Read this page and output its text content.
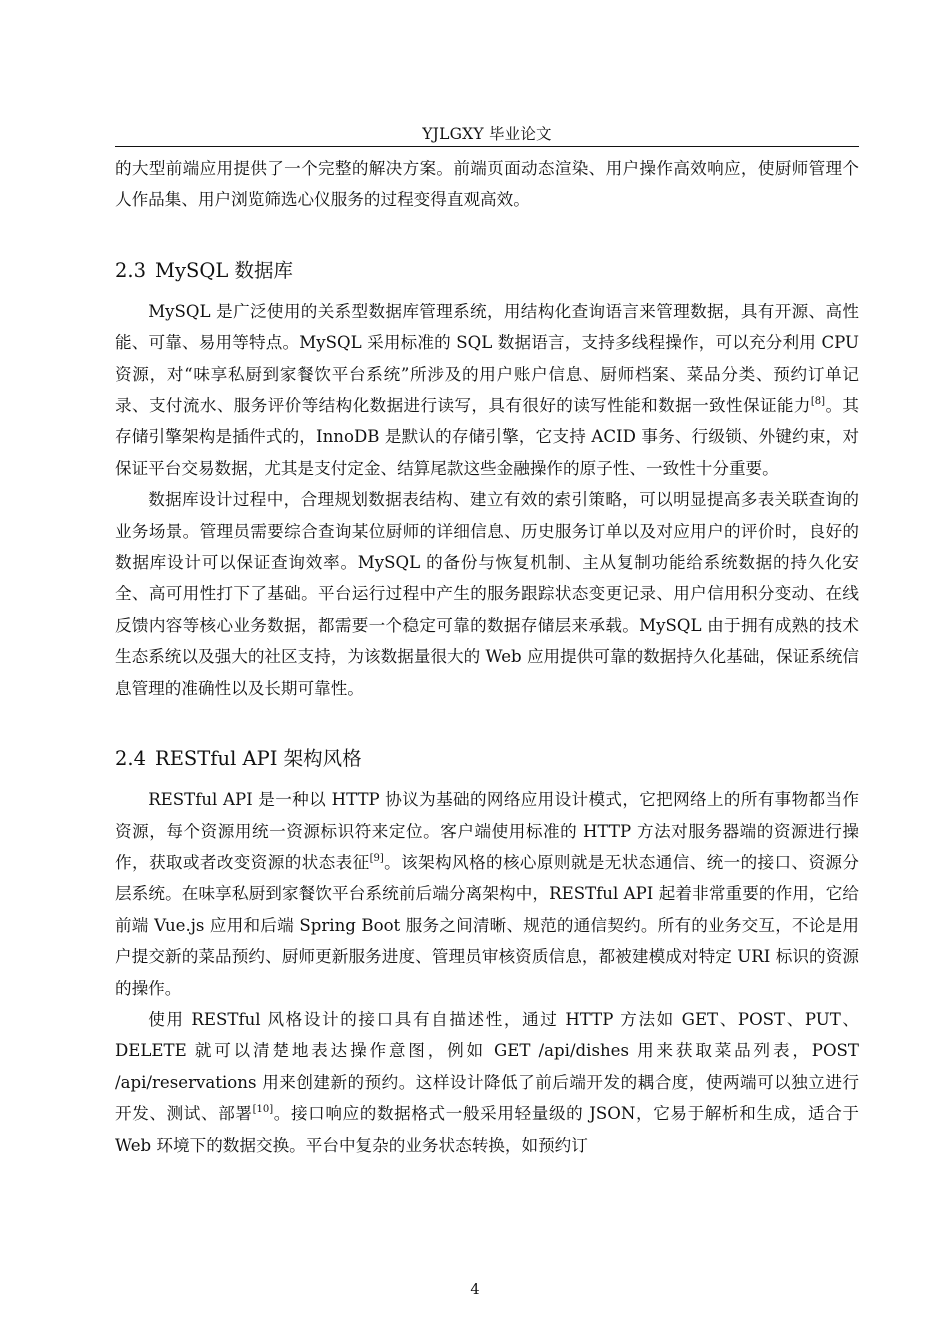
YJLGXY 毕业论文

的大型前端应用提供了一个完整的解决方案。前端页面动态渲染、用户操作高效响应，使厨师管理个人作品集、用户浏览筛选心仪服务的过程变得直观高效。

2.3 MySQL 数据库

MySQL 是广泛使用的关系型数据库管理系统，用结构化查询语言来管理数据，具有开源、高性能、可靠、易用等特点。MySQL 采用标准的 SQL 数据语言，支持多线程操作，可以充分利用 CPU 资源，对“味享私厨到家餐饮平台系统”所涉及的用户账户信息、厨师档案、菜品分类、预约订单记录、支付流水、服务评价等结构化数据进行读写，具有很好的读写性能和数据一致性保证能力[8]。其存储引擎架构是插件式的，InnoDB 是默认的存储引擎，它支持 ACID 事务、行级锁、外键约束，对保证平台交易数据，尤其是支付定金、结算尾款这些金融操作的原子性、一致性十分重要。

数据库设计过程中，合理规划数据表结构、建立有效的索引策略，可以明显提高多表关联查询的业务场景。管理员需要综合查询某位厨师的详细信息、历史服务订单以及对应用户的评价时，良好的数据库设计可以保证查询效率。MySQL 的备份与恢复机制、主从复制功能给系统数据的持久化安全、高可用性打下了基础。平台运行过程中产生的服务跟踪状态变更记录、用户信用积分变动、在线反馈内容等核心业务数据，都需要一个稳定可靠的数据存储层来承载。MySQL 由于拥有成熟的技术生态系统以及强大的社区支持，为该数据量很大的 Web 应用提供可靠的数据持久化基础，保证系统信息管理的准确性以及长期可靠性。

2.4 RESTful API 架构风格

RESTful API 是一种以 HTTP 协议为基础的网络应用设计模式，它把网络上的所有事物都当作资源，每个资源用统一资源标识符来定位。客户端使用标准的 HTTP 方法对服务器端的资源进行操作，获取或者改变资源的状态表征[9]。该架构风格的核心原则就是无状态通信、统一的接口、资源分层系统。在味享私厨到家餐饮平台系统前后端分离架构中，RESTful API 起着非常重要的作用，它给前端 Vue.js 应用和后端 Spring Boot 服务之间清晰、规范的通信契约。所有的业务交互，不论是用户提交新的菜品预约、厨师更新服务进度、管理员审核资质信息，都被建模成对特定 URI 标识的资源的操作。

使用 RESTful 风格设计的接口具有自描述性，通过 HTTP 方法如 GET、POST、PUT、DELETE 就可以清楚地表达操作意图，例如 GET /api/dishes 用来获取菜品列表，POST /api/reservations 用来创建新的预约。这样设计降低了前后端开发的耦合度，使两端可以独立进行开发、测试、部署[10]。接口响应的数据格式一般采用轻量级的 JSON，它易于解析和生成，适合于 Web 环境下的数据交换。平台中复杂的业务状态转换，如预约订

4
